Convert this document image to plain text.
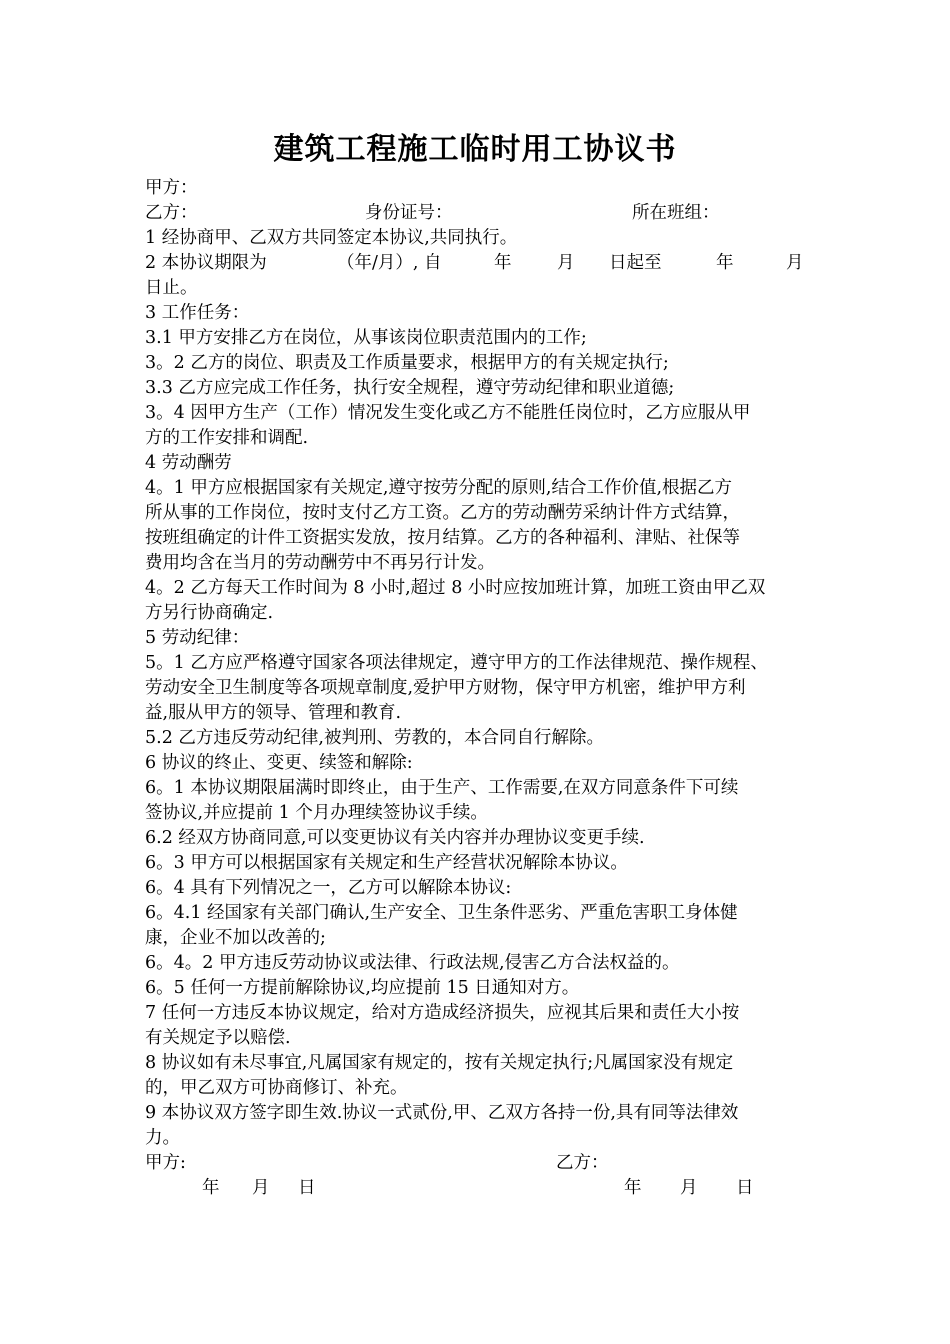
建筑工程施工临时用工协议书
甲方：
乙方：	身份证号：	所在班组：
1 经协商甲、乙双方共同签定本协议,共同执行。
2 本协议期限为	（年/月）, 自	年	月 日起至	年	月
日止。
3 工作任务：
3.1 甲方安排乙方在岗位，从事该岗位职责范围内的工作;
3。2 乙方的岗位、职责及工作质量要求，根据甲方的有关规定执行;
3.3 乙方应完成工作任务，执行安全规程，遵守劳动纪律和职业道德;
3。4 因甲方生产（工作）情况发生变化或乙方不能胜任岗位时，乙方应服从甲
方的工作安排和调配.
4 劳动酬劳
4。1 甲方应根据国家有关规定,遵守按劳分配的原则,结合工作价值,根据乙方
所从事的工作岗位，按时支付乙方工资。乙方的劳动酬劳采纳计件方式结算，
按班组确定的计件工资据实发放，按月结算。乙方的各种福利、津贴、社保等
费用均含在当月的劳动酬劳中不再另行计发。
4。2 乙方每天工作时间为 8 小时,超过 8 小时应按加班计算，加班工资由甲乙双
方另行协商确定.
5 劳动纪律：
5。1 乙方应严格遵守国家各项法律规定，遵守甲方的工作法律规范、操作规程、
劳动安全卫生制度等各项规章制度,爱护甲方财物，保守甲方机密，维护甲方利
益,服从甲方的领导、管理和教育.
5.2 乙方违反劳动纪律,被判刑、劳教的，本合同自行解除。
6 协议的终止、变更、续签和解除:
6。1 本协议期限届满时即终止，由于生产、工作需要,在双方同意条件下可续
签协议,并应提前 1 个月办理续签协议手续。
6.2 经双方协商同意,可以变更协议有关内容并办理协议变更手续.
6。3 甲方可以根据国家有关规定和生产经营状况解除本协议。
6。4 具有下列情况之一，乙方可以解除本协议:
6。4.1 经国家有关部门确认,生产安全、卫生条件恶劣、严重危害职工身体健
康，企业不加以改善的;
6。4。2 甲方违反劳动协议或法律、行政法规,侵害乙方合法权益的。
6。5 任何一方提前解除协议,均应提前 15 日通知对方。
7 任何一方违反本协议规定，给对方造成经济损失，应视其后果和责任大小按
有关规定予以赔偿.
8 协议如有未尽事宜,凡属国家有规定的，按有关规定执行;凡属国家没有规定
的，甲乙双方可协商修订、补充。
9 本协议双方签字即生效.协议一式贰份,甲、乙双方各持一份,具有同等法律效
力。
甲方:	乙方：
年 月 日	年 月 日
